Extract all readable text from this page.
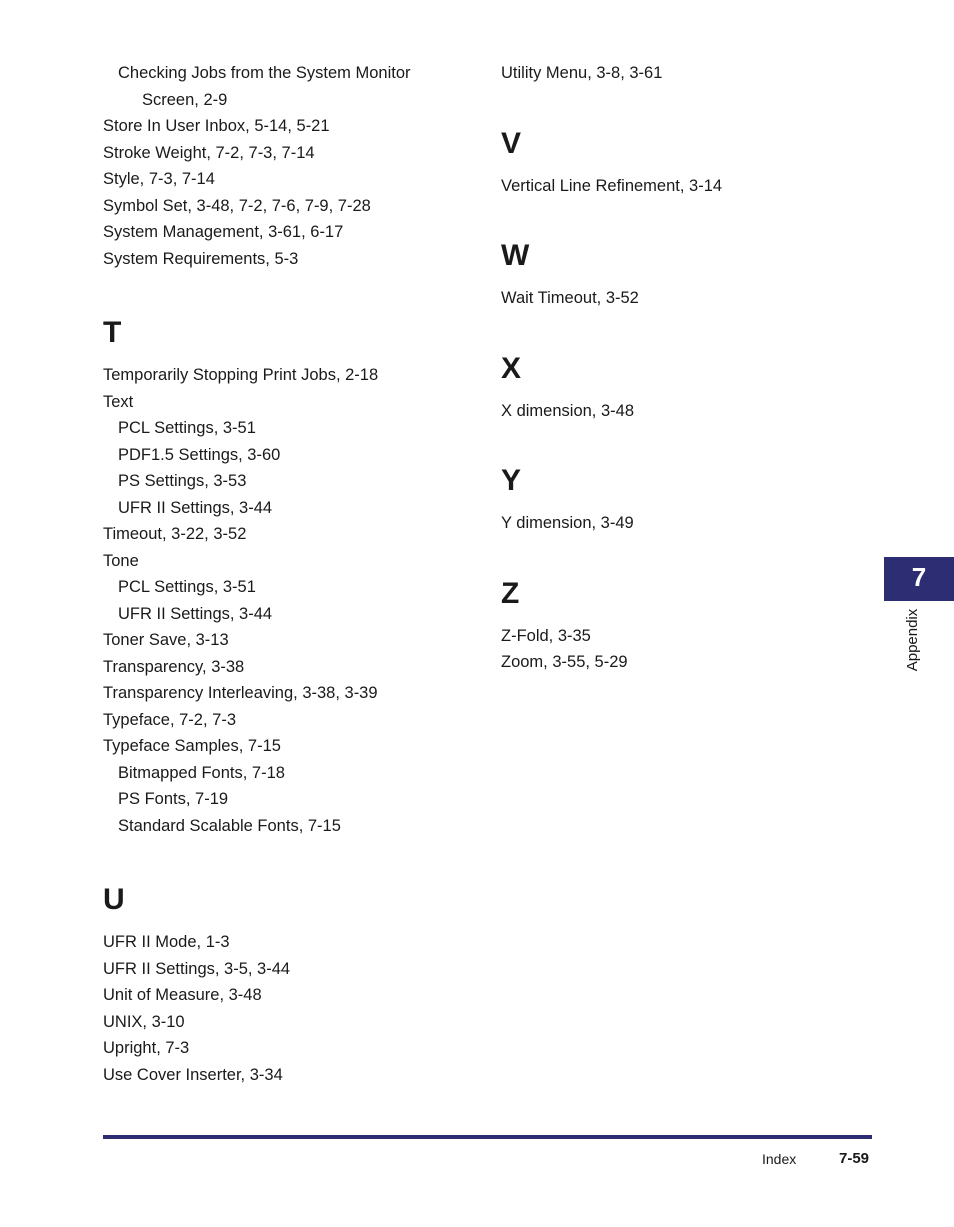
Checking Jobs from the System Monitor
Screen, 2-9
Store In User Inbox, 5-14, 5-21
Stroke Weight, 7-2, 7-3, 7-14
Style, 7-3, 7-14
Symbol Set, 3-48, 7-2, 7-6, 7-9, 7-28
System Management, 3-61, 6-17
System Requirements, 5-3
T
Temporarily Stopping Print Jobs, 2-18
Text
PCL Settings, 3-51
PDF1.5 Settings, 3-60
PS Settings, 3-53
UFR II Settings, 3-44
Timeout, 3-22, 3-52
Tone
PCL Settings, 3-51
UFR II Settings, 3-44
Toner Save, 3-13
Transparency, 3-38
Transparency Interleaving, 3-38, 3-39
Typeface, 7-2, 7-3
Typeface Samples, 7-15
Bitmapped Fonts, 7-18
PS Fonts, 7-19
Standard Scalable Fonts, 7-15
U
UFR II Mode, 1-3
UFR II Settings, 3-5, 3-44
Unit of Measure, 3-48
UNIX, 3-10
Upright, 7-3
Use Cover Inserter, 3-34
Utility Menu, 3-8, 3-61
V
Vertical Line Refinement, 3-14
W
Wait Timeout, 3-52
X
X dimension, 3-48
Y
Y dimension, 3-49
Z
Z-Fold, 3-35
Zoom, 3-55, 5-29
7
Appendix
Index	7-59
